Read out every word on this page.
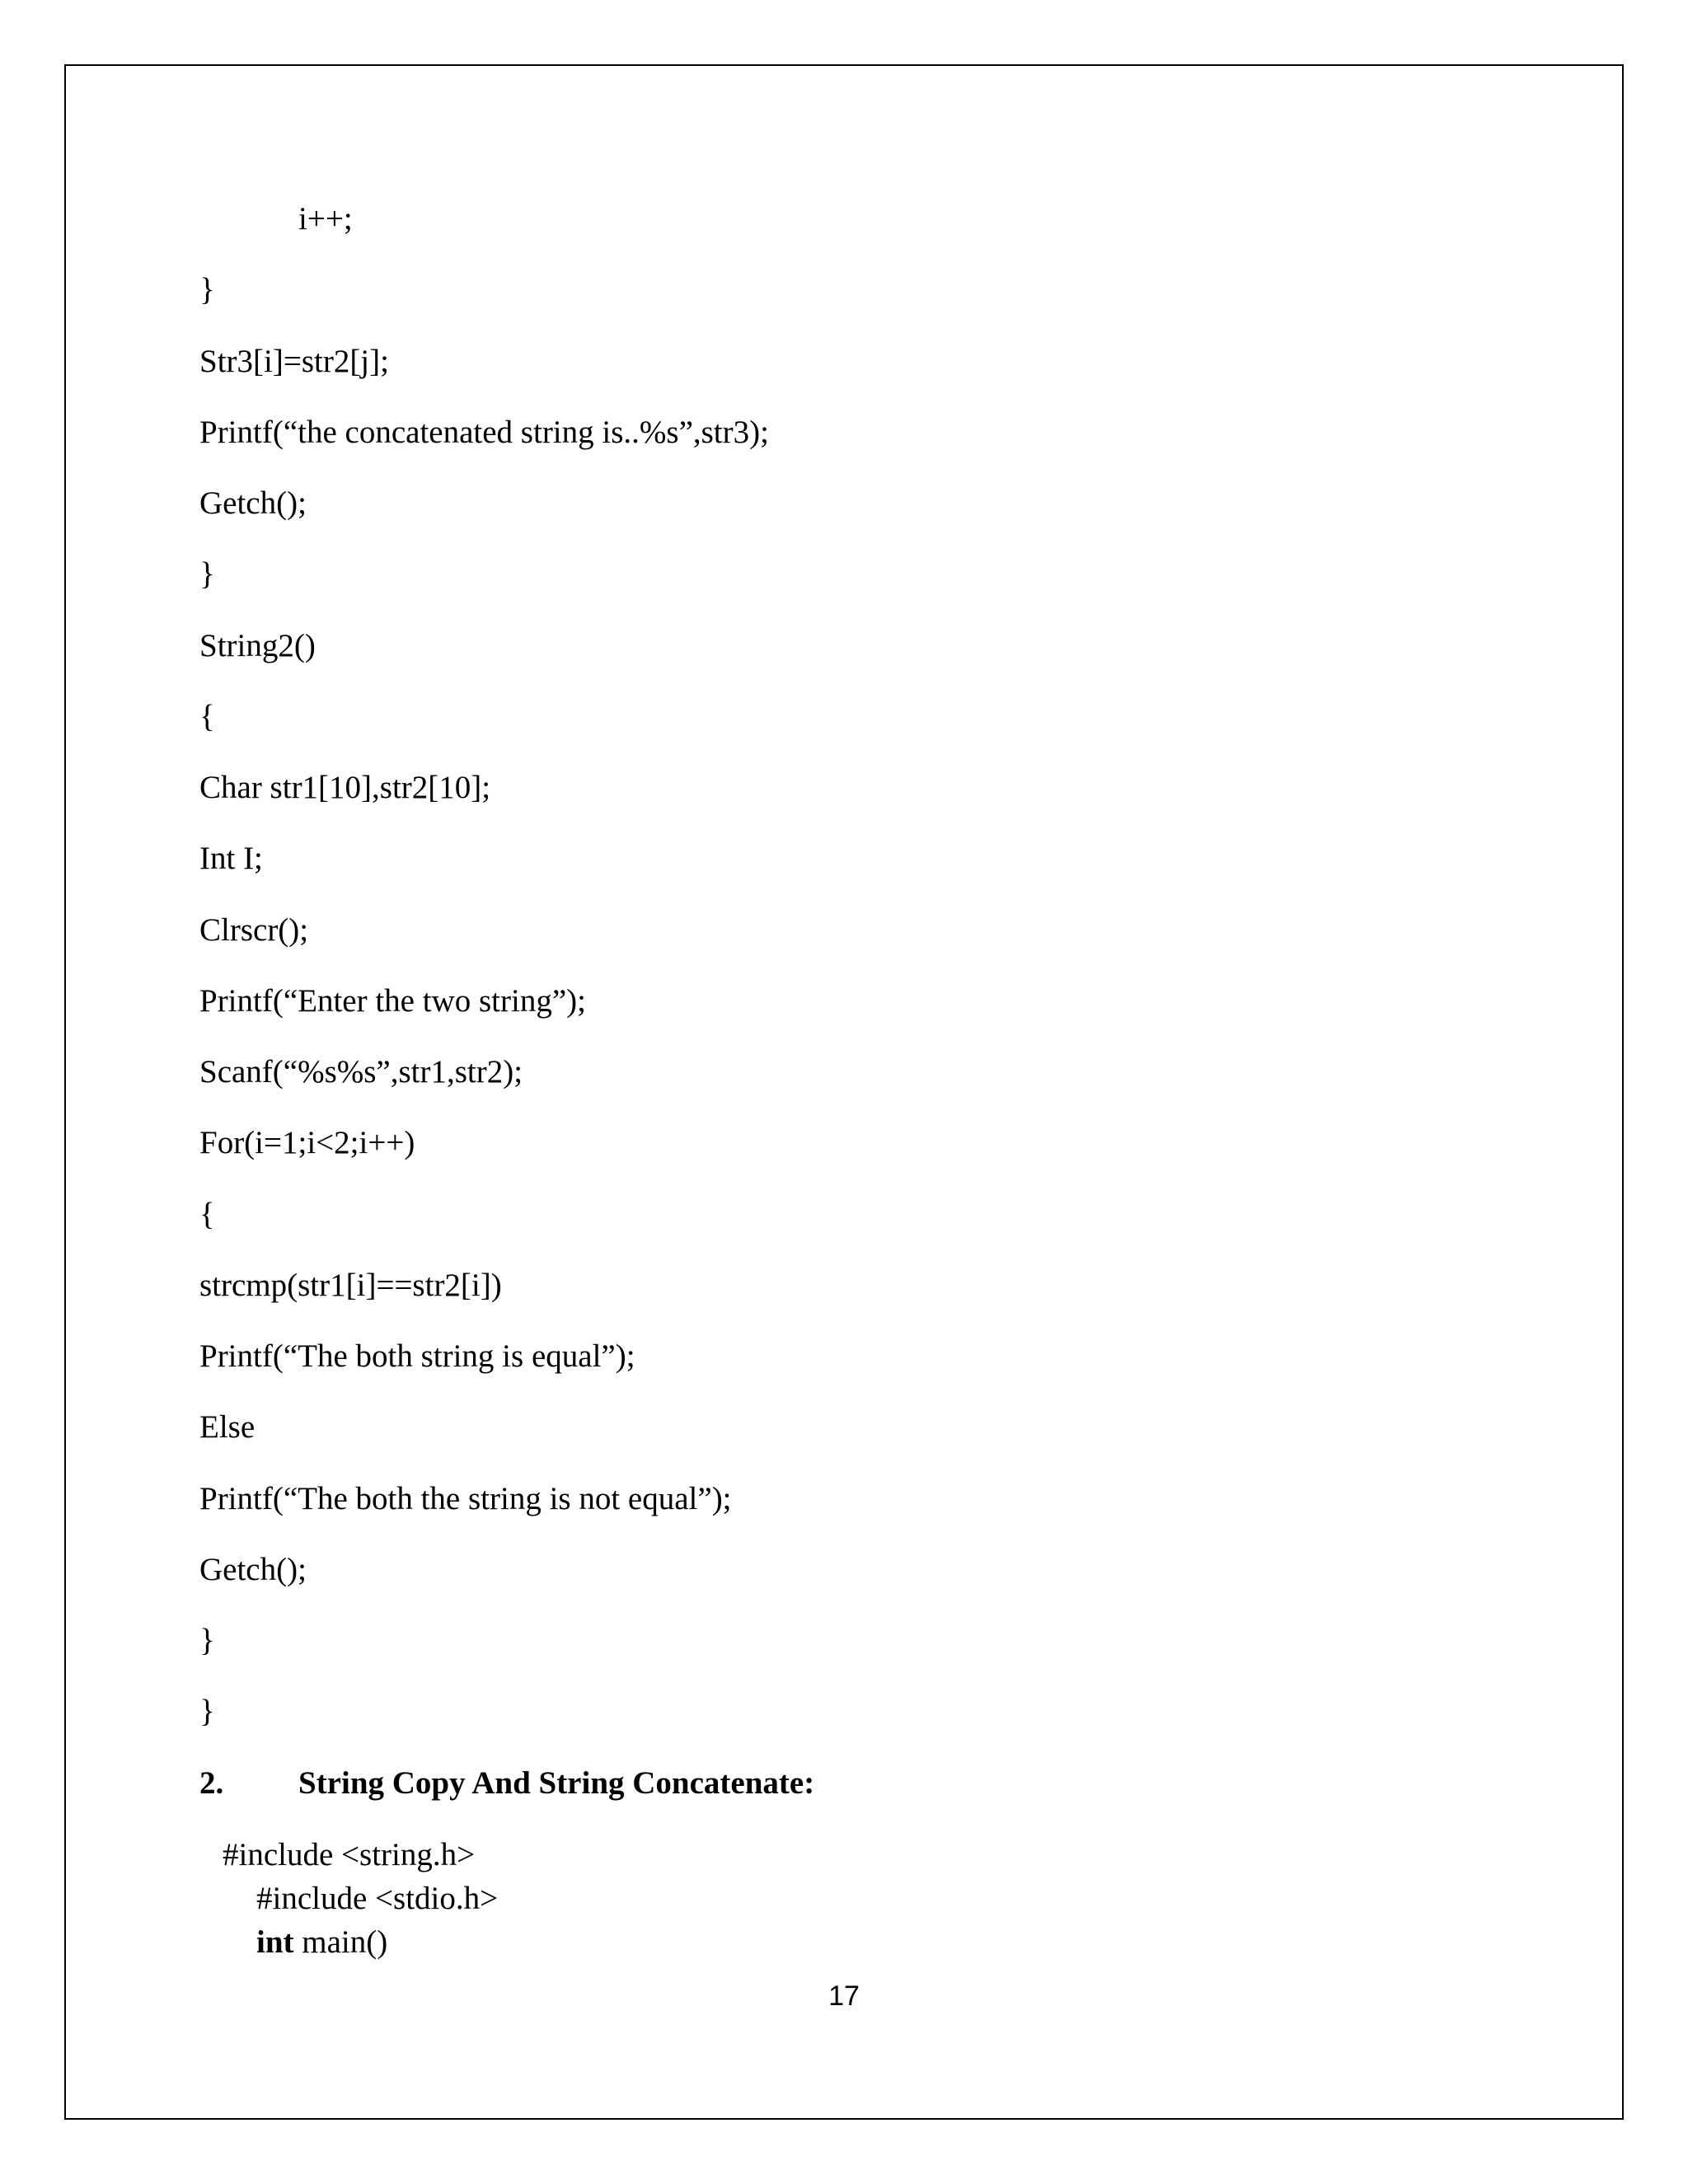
i++;
}
Str3[i]=str2[j];
Printf(“the concatenated string is..%s”,str3);
Getch();
}
String2()
{
Char str1[10],str2[10];
Int I;
Clrscr();
Printf(“Enter the two string”);
Scanf(“%s%s”,str1,str2);
For(i=1;i<2;i++)
{
strcmp(str1[i]==str2[i])
Printf(“The both string is equal”);
Else
Printf(“The both the string is not equal”);
Getch();
}
}

2.

String Copy And String Concatenate:

#include <string.h>
#include <stdio.h>
int main()
17
